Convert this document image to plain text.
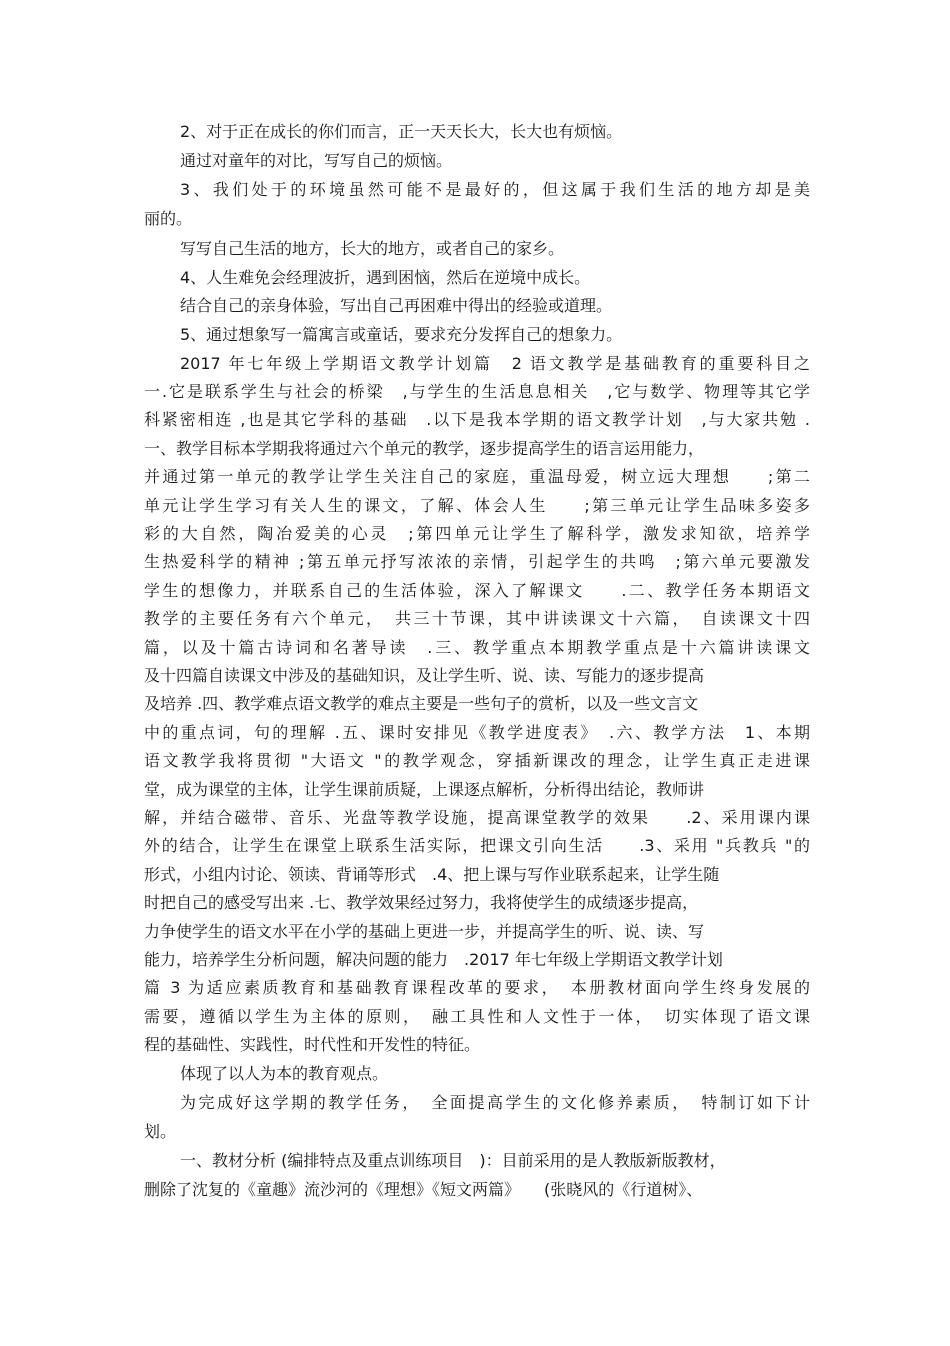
2、对于正在成长的你们而言，正一天天长大，长大也有烦恼。
通过对童年的对比，写写自己的烦恼。
3、我们处于的环境虽然可能不是最好的，但这属于我们生活的地方却是美
丽的。
写写自己生活的地方，长大的地方，或者自己的家乡。
4、人生难免会经理波折，遇到困恼，然后在逆境中成长。
结合自己的亲身体验，写出自己再困难中得出的经验或道理。
5、通过想象写一篇寓言或童话，要求充分发挥自己的想象力。
2017 年七年级上学期语文教学计划篇　2 语文教学是基础教育的重要科目之
一.它是联系学生与社会的桥梁　,与学生的生活息息相关　,它与数学、物理等其它学
科紧密相连 ,也是其它学科的基础　.以下是我本学期的语文教学计划　,与大家共勉 .
一、教学目标本学期我将通过六个单元的教学，逐步提高学生的语言运用能力，
并通过第一单元的教学让学生关注自己的家庭，重温母爱，树立远大理想　　;第二
单元让学生学习有关人生的课文，了解、体会人生　　;第三单元让学生品味多姿多
彩的大自然，陶冶爱美的心灵　;第四单元让学生了解科学，激发求知欲，培养学
生热爱科学的精神 ;第五单元抒写浓浓的亲情，引起学生的共鸣　;第六单元要激发
学生的想像力，并联系自己的生活体验，深入了解课文　　.二、教学任务本期语文
教学的主要任务有六个单元，　共三十节课，其中讲读课文十六篇，　自读课文十四
篇，以及十篇古诗词和名著导读　.三、教学重点本期教学重点是十六篇讲读课文
及十四篇自读课文中涉及的基础知识，及让学生听、说、读、写能力的逐步提高
及培养 .四、教学难点语文教学的难点主要是一些句子的赏析，以及一些文言文
中的重点词，句的理解 .五、课时安排见《教学进度表》　.六、教学方法　1、本期
语文教学我将贯彻 "大语文 "的教学观念，穿插新课改的理念，让学生真正走进课
堂，成为课堂的主体，让学生课前质疑，上课逐点解析，分析得出结论，教师讲
解，并结合磁带、音乐、光盘等教学设施，提高课堂教学的效果　　.2、采用课内课
外的结合，让学生在课堂上联系生活实际，把课文引向生活　　.3、采用 "兵教兵 "的
形式，小组内讨论、领读、背诵等形式　.4、把上课与写作业联系起来，让学生随
时把自己的感受写出来 .七、教学效果经过努力，我将使学生的成绩逐步提高，
力争使学生的语文水平在小学的基础上更进一步，并提高学生的听、说、读、写
能力，培养学生分析问题，解决问题的能力　.2017 年七年级上学期语文教学计划
篇 3 为适应素质教育和基础教育课程改革的要求，　本册教材面向学生终身发展的
需要，遵循以学生为主体的原则，　融工具性和人文性于一体，　切实体现了语文课
程的基础性、实践性，时代性和开发性的特征。
体现了以人为本的教育观点。
为完成好这学期的教学任务，　全面提高学生的文化修养素质，　特制订如下计
划。
一、教材分析 (编排特点及重点训练项目　)：目前采用的是人教版新版教材，
删除了沈复的《童趣》流沙河的《理想》《短文两篇》　　(张晓风的《行道树》、
